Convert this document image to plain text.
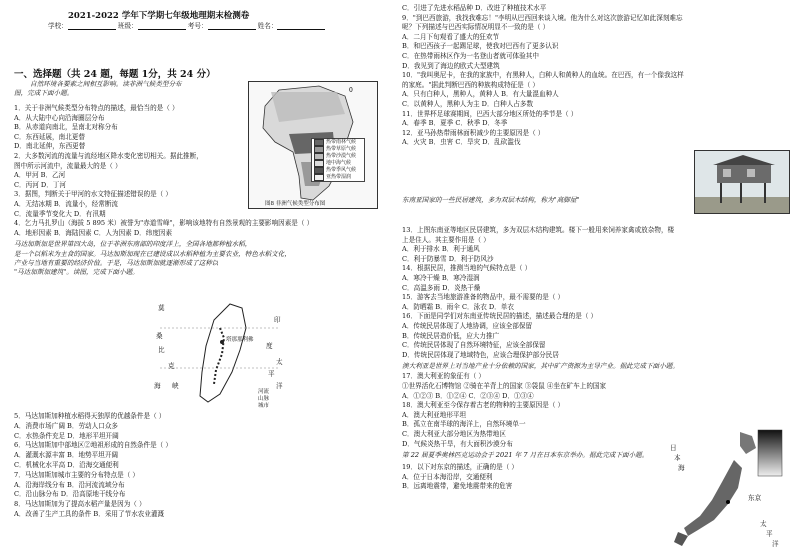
2021-2022 学年下学期七年级地理期末检测卷
学校：	班级：	考号：	姓名：
一、选择题（共 24 题，每题 1分，共 24 分）
自然环境各要素之间相互影响。读非洲气候类型分布
图，完成下面小题。
1．关于非洲气候类型分布特点的描述，最恰当的是（ ）
A．从大陆中心向沿海圈层分布
B．从赤道向南北，呈南北对称分布
C．东西延展，南北更替
D．南北延伸，东西更替
2．大多数河流的流量与流经地区降水变化密切相关。据此推断，
图中所示河流中，流量最大的是（ ）
A．甲河 B．乙河
C．丙河 D．丁河
3．据图，判断关于甲河的水文特征描述错误的是（ ）
A．无结冰期 B．流量小，经常断流
C．流量季节变化大 D．有汛期
4．乞力马扎罗山（海拔 5 895 米）被誉为"赤道雪峰"，影响该地特有自然景观的主要影响因素是（ ）
A．地形因素 B．海陆因素 C．人为因素 D．纬度因素
马达加斯加是世界第四大岛，位于非洲东南部的印度洋上，全国各地都种植水稻，
是一个以稻米为主食的国家。马达加斯加现在已建设成以水稻种植为主要农业，特色水稻文化，
产业与当地有重要的经济价值。于是，马达加斯加就逐渐形成了这种以
"马达加斯加建筑"。读图，完成下面小题。
5．马达加斯加种植水稻得天独厚的优越条件是（ ）
A．消费市场广阔 B．劳动人口众多
C．水热条件充足 D．地形平坦开阔
6．马达加斯加中部地区②地祖形成的自然条件是（ ）
A．灌溉水源丰富 B．地势平坦开阔
C．机械化水平高 D．沿海交通便利
7．马达加斯加城市主要的分布特点是（ ）
A．沿海岸线分布 B．沿河流流域分布
C．沿山脉分布 D．沿高原地干线分布
8．马达加斯加为了提高水稻产量是因为（ ）
A．改善了生产工具的条件 B．采用了节水农业灌溉
0
热带雨林气候
热带草原气候
热带沙漠气候
地中海气候
热带季风气候
亚热带湿润
图8 非洲气候类型分布图
莫
桑
比
克
海 峡
印
度
太
平
洋
塔那那利佛
河流
山脉
城市
C．引进了先进水稻品种 D．改进了种植技术水平
9．"到巴西旅游，我找我难忘！"李明从巴西回来谈入境。他为什么对这次旅游记忆如此深刻难忘
呢？下列描述与巴西实际情况明显不一致的是（ ）
A．二月下旬观看了盛大的狂欢节
B．和巴西孩子一起踢足球，使我对巴西有了更多认识
C．在热带雨林区作为一名登山者就可体验其中
D．我见到了海边的欧式大型建筑
10．"我叫奥尼卡，在我的家族中，有黑种人，白种人和黄种人的血统。在巴西，有一个像我这样
的家庭。"据此判断巴西的种族构成特征是（ ）
A．只有白种人，黑种人，黄种人 B．有大量混血种人
C．以黄种人，黑种人为主 D．白种人占多数
11．世界杯足球赛期间，巴西大部分地区所处的季节是（ ）
A．春季 B．夏季 C．秋季 D．冬季
12．亚马孙热带雨林面积减少的主要原因是（ ）
A．火灾 B．虫害 C．旱灾 D．乱砍滥伐
东南亚国家的一些民居建筑，多为双层木结构，称为"高脚屋"
13．上图东南亚等地区民居建筑，多为双层木结构建筑。楼下一般用来饲养家禽或放杂物，楼
上是住人。其主要作用是（ ）
A．利于排水 B．利于通风
C．利于防暴雪 D．利于防风沙
14．根据民居，推测当地的气候特点是（ ）
A．寒冷干燥 B．寒冷湿润
C．高温多雨 D．炎热干燥
15．游客去当地旅游准备的物品中，最不需要的是（ ）
A．防晒霜 B．雨伞 C．泳衣 D．单衣
16．下面是同学们对东南亚传统民居的描述，描述最合理的是（ ）
A．传统民居体现了人地协调，应该全部保留
B．传统民居造价低，应大力推广
C．传统民居体现了自然环境特征，应该全部保留
D．传统民居体现了地域特色，应该合理保护部分民居
澳大利亚是世界上对当地产业十分依赖的国家，其中矿产资源为主导产业。据此完成下面小题。
17．澳大利亚的象征有（ ）
①世界活化石博物馆 ②骑在羊背上的国家 ③袋鼠 ④坐在矿车上的国家
A．①②③ B．①②④ C．②③④ D．①③④
18．澳大利亚至今保存着古老的物种的主要原因是（ ）
A．澳大利亚地形平坦
B．孤立在南半球的海洋上，自然环境单一
C．澳大利亚大部分地区为热带地区
D．气候炎热干旱，有大面积沙漠分布
第 22 届夏季奥林匹克运动会于 2021 年 7 月在日本东京举办。据此完成下面小题。
19．以下对东京的描述，正确的是（ ）
A．位于日本海沿岸，交通便利
B．远离地震带，避免地震带来的危害
日
本
海
东京
太
平
洋
